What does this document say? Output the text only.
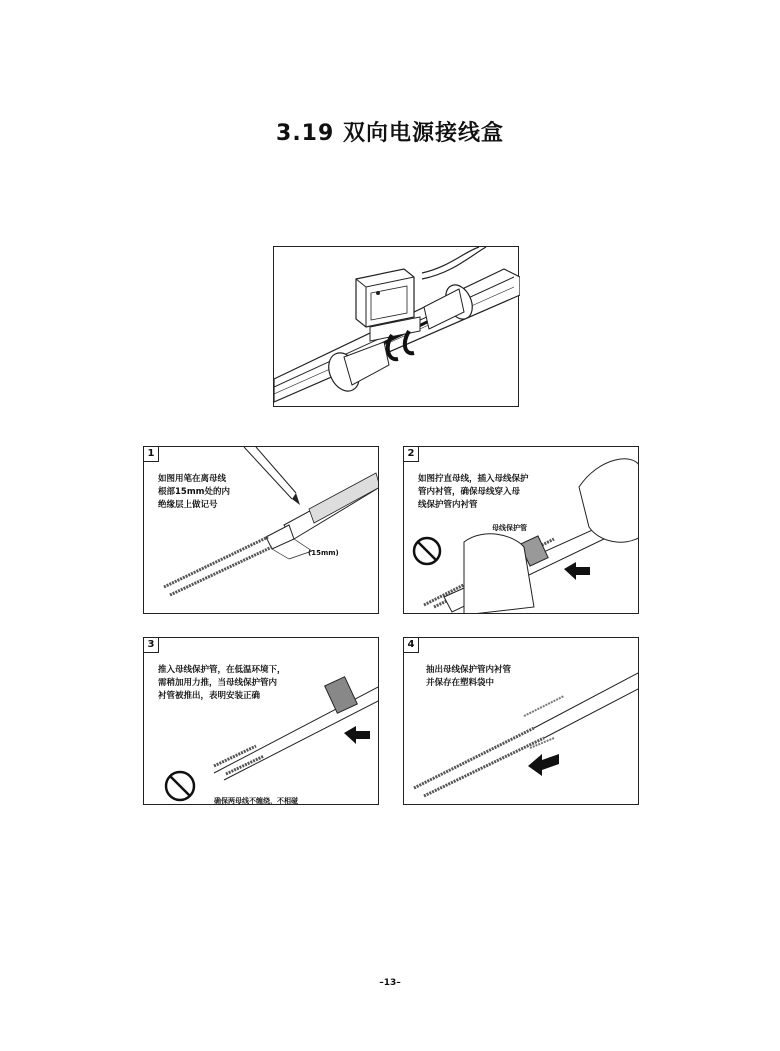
3.19 双向电源接线盒
1
如图用笔在离母线
根部15mm处的内
绝缘层上做记号
(15mm)
2
如图拧直母线，插入母线保护
管内衬管，确保母线穿入母
线保护管内衬管
母线保护管
3
推入母线保护管，在低温环境下，
需稍加用力推，当母线保护管内
衬管被推出，表明安装正确
确保两母线不缠绕，不相碰
4
抽出母线保护管内衬管
并保存在塑料袋中
–13–
